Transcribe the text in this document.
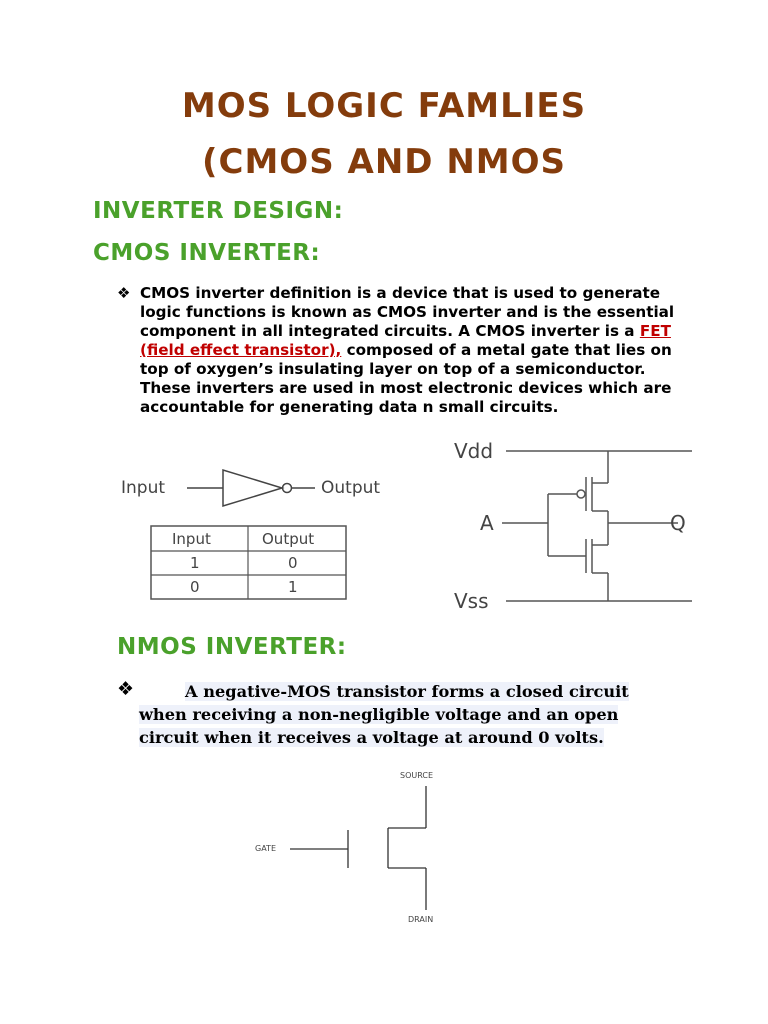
MOS LOGIC FAMLIES
(CMOS AND NMOS
INVERTER DESIGN:
CMOS INVERTER:
❖ CMOS inverter definition is a device that is used to generate logic functions is known as CMOS inverter and is the essential component in all integrated circuits. A CMOS inverter is a FET (field effect transistor), composed of a metal gate that lies on top of oxygen’s insulating layer on top of a semiconductor. These inverters are used in most electronic devices which are accountable for generating data n small circuits.

Input	Output
Input	Output
1	0
0	1
Vdd
A	Q
Vss
NMOS INVERTER:
❖	A negative-MOS transistor forms a closed circuit when receiving a non-negligible voltage and an open circuit when it receives a voltage at around 0 volts.

SOURCE
GATE
DRAIN
